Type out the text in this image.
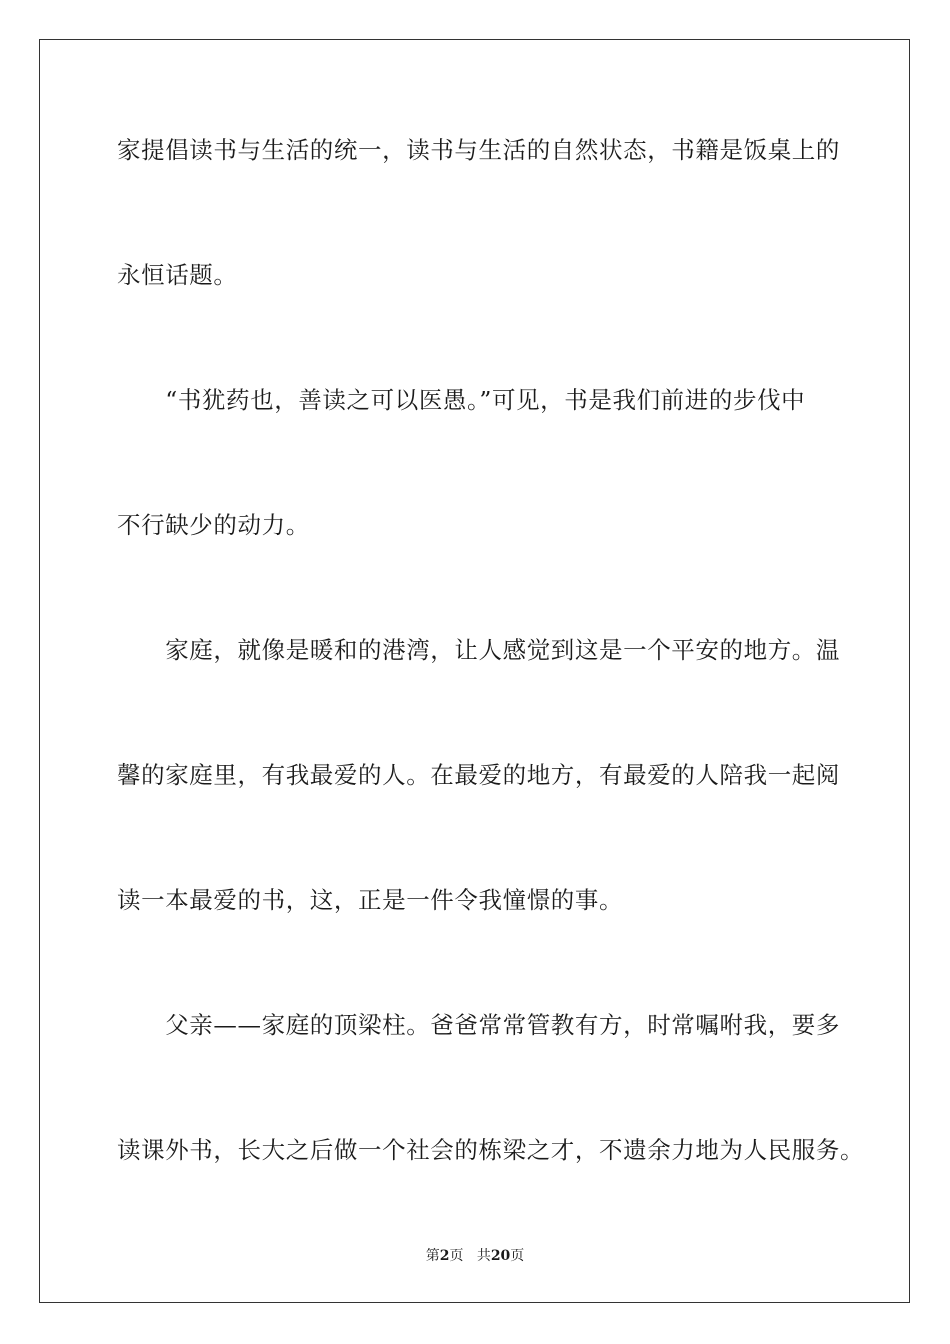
家提倡读书与生活的统一，读书与生活的自然状态，书籍是饭桌上的
永恒话题。
　　“书犹药也，善读之可以医愚。”可见，书是我们前进的步伐中
不行缺少的动力。
　　家庭，就像是暖和的港湾，让人感觉到这是一个平安的地方。温
馨的家庭里，有我最爱的人。在最爱的地方，有最爱的人陪我一起阅
读一本最爱的书，这，正是一件令我憧憬的事。
　　父亲——家庭的顶梁柱。爸爸常常管教有方，时常嘱咐我，要多
读课外书，长大之后做一个社会的栋梁之才，不遗余力地为人民服务。
第2页 共20页
